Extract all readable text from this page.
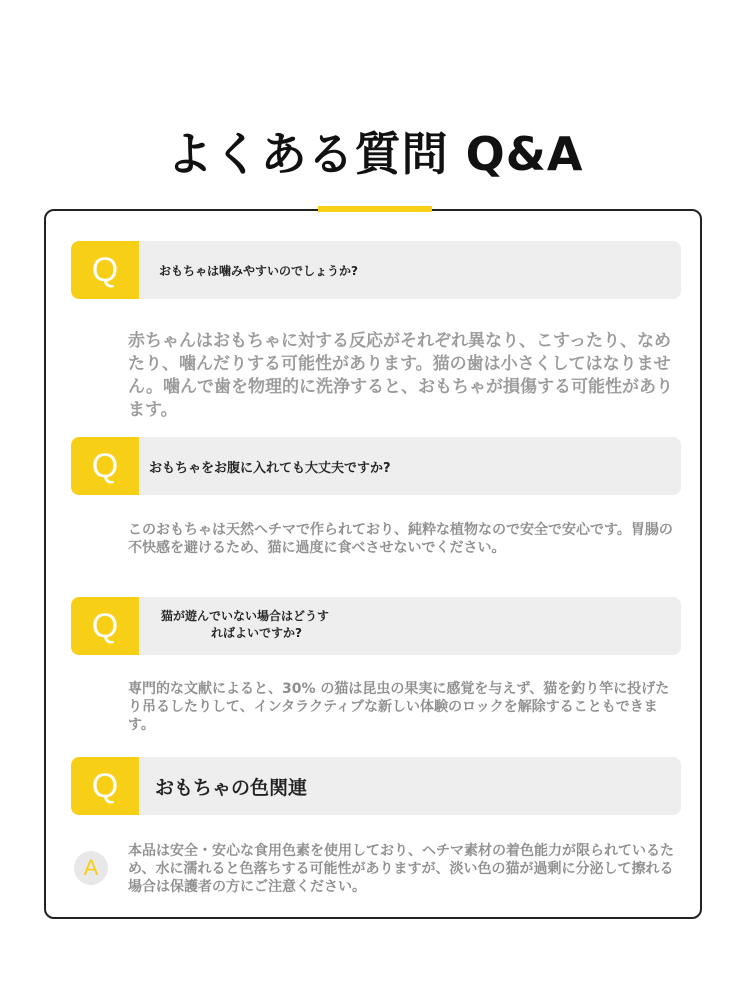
よくある質問 Q&A
Q	おもちゃは噛みやすいのでしょうか?

赤ちゃんはおもちゃに対する反応がそれぞれ異なり、こすったり、なめたり、噛んだりする可能性があります。猫の歯は小さくしてはなりません。噛んで歯を物理的に洗浄すると、おもちゃが損傷する可能性があります。

Q	おもちゃをお腹に入れても大丈夫ですか?

このおもちゃは天然ヘチマで作られており、純粋な植物なので安全で安心です。胃腸の不快感を避けるため、猫に過度に食べさせないでください。

Q	猫が遊んでいない場合はどうす
ればよいですか?

専門的な文献によると、30% の猫は昆虫の果実に感覚を与えず、猫を釣り竿に投げたり吊るしたりして、インタラクティブな新しい体験のロックを解除することもできます。

Q	おもちゃの色関連
A

本品は安全・安心な食用色素を使用しており、ヘチマ素材の着色能力が限られているため、水に濡れると色落ちする可能性がありますが、淡い色の猫が過剰に分泌して擦れる場合は保護者の方にご注意ください。
